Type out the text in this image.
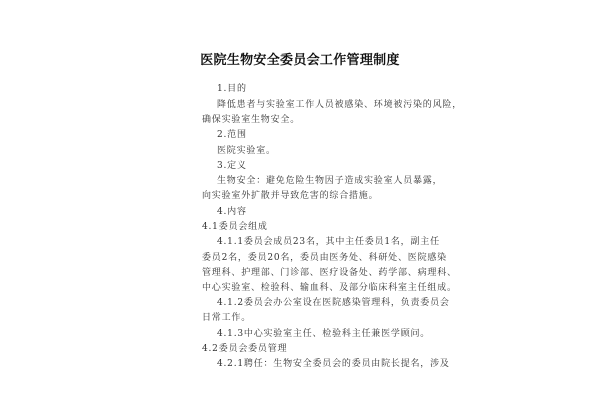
医院生物安全委员会工作管理制度
1.目的
降低患者与实验室工作人员被感染、环境被污染的风险，
确保实验室生物安全。
2.范围
医院实验室。
3.定义
生物安全：避免危险生物因子造成实验室人员暴露，
向实验室外扩散并导致危害的综合措施。
4.内容
4.1委员会组成
4.1.1委员会成员23名，其中主任委员1名，副主任
委员2名，委员20名，委员由医务处、科研处、医院感染
管理科、护理部、门诊部、医疗设备处、药学部、病理科、
中心实验室、检验科、输血科、及部分临床科室主任组成。
4.1.2委员会办公室设在医院感染管理科，负责委员会
日常工作。
4.1.3中心实验室主任、检验科主任兼医学顾问。
4.2委员会委员管理
4.2.1聘任：生物安全委员会的委员由院长提名，涉及
